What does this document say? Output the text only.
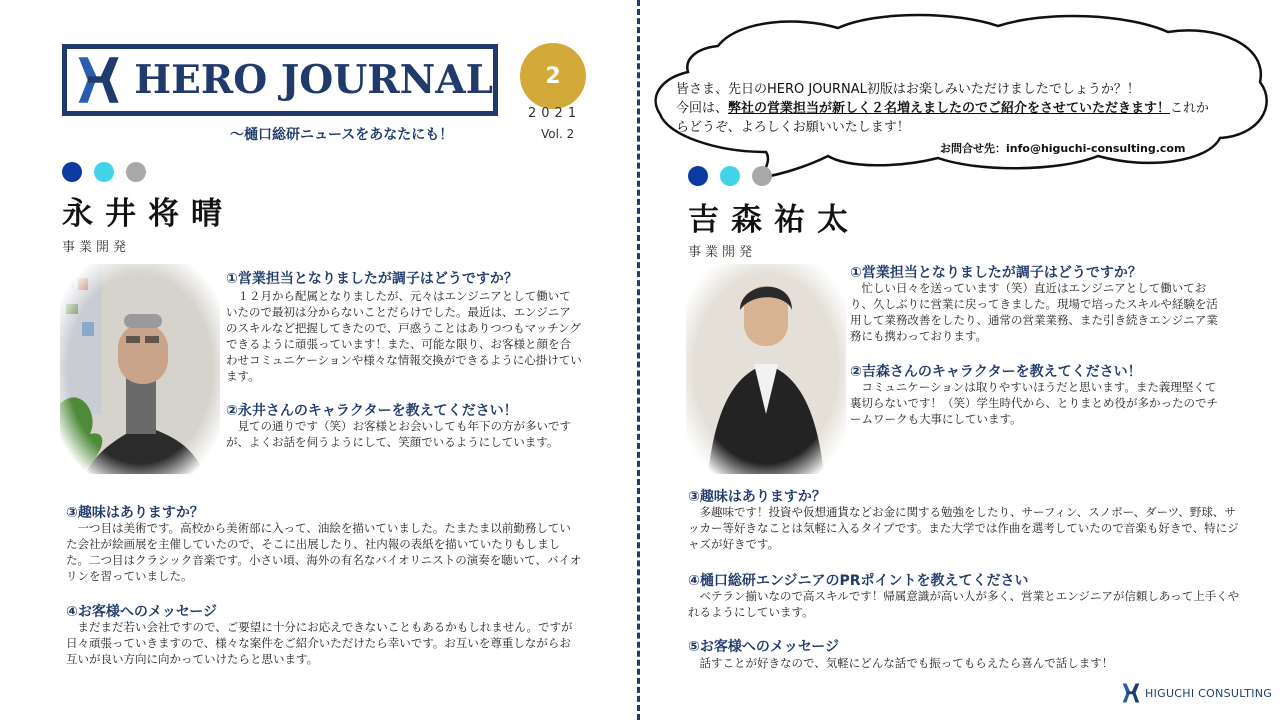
HERO JOURNAL
～樋口総研ニュースをあなたにも！
2
2021
Vol. 2
皆さま、先日のHERO JOURNAL初版はお楽しみいただけましたでしょうか？！
今回は、弊社の営業担当が新しく２名増えましたのでご紹介をさせていただきます！これからどうぞ、よろしくお願いいたします！
お問合せ先：info@higuchi-consulting.com
永井将晴
事業開発
①営業担当となりましたが調子はどうですか？
　１２月から配属となりましたが、元々はエンジニアとして働いていたので最初は分からないことだらけでした。最近は、エンジニアのスキルなど把握してきたので、戸惑うことはありつつもマッチングできるように頑張っています！また、可能な限り、お客様と顔を合わせコミュニケーションや様々な情報交換ができるように心掛けています。
②永井さんのキャラクターを教えてください！
　見ての通りです（笑）お客様とお会いしても年下の方が多いですが、よくお話を伺うようにして、笑顔でいるようにしています。
③趣味はありますか？
　一つ目は美術です。高校から美術部に入って、油絵を描いていました。たまたま以前勤務していた会社が絵画展を主催していたので、そこに出展したり、社内報の表紙を描いていたりもしました。二つ目はクラシック音楽です。小さい頃、海外の有名なバイオリニストの演奏を聴いて、バイオリンを習っていました。
④お客様へのメッセージ
　まだまだ若い会社ですので、ご要望に十分にお応えできないこともあるかもしれません。ですが日々頑張っていきますので、様々な案件をご紹介いただけたら幸いです。お互いを尊重しながらお互いが良い方向に向かっていけたらと思います。
吉森祐太
事業開発
①営業担当となりましたが調子はどうですか？
　忙しい日々を送っています（笑）直近はエンジニアとして働いており、久しぶりに営業に戻ってきました。現場で培ったスキルや経験を活用して業務改善をしたり、通常の営業業務、また引き続きエンジニア業務にも携わっております。
②吉森さんのキャラクターを教えてください！
　コミュニケーションは取りやすいほうだと思います。また義理堅くて裏切らないです！（笑）学生時代から、とりまとめ役が多かったのでチームワークも大事にしています。
③趣味はありますか？
　多趣味です！投資や仮想通貨などお金に関する勉強をしたり、サーフィン、スノボー、ダーツ、野球、サッカー等好きなことは気軽に入るタイプです。また大学では作曲を選考していたので音楽も好きで、特にジャズが好きです。
④樋口総研エンジニアのPRポイントを教えてください
　ベテラン揃いなので高スキルです！帰属意識が高い人が多く、営業とエンジニアが信頼しあって上手くやれるようにしています。
⑤お客様へのメッセージ
　話すことが好きなので、気軽にどんな話でも振ってもらえたら喜んで話します！
HIGUCHI CONSULTING
